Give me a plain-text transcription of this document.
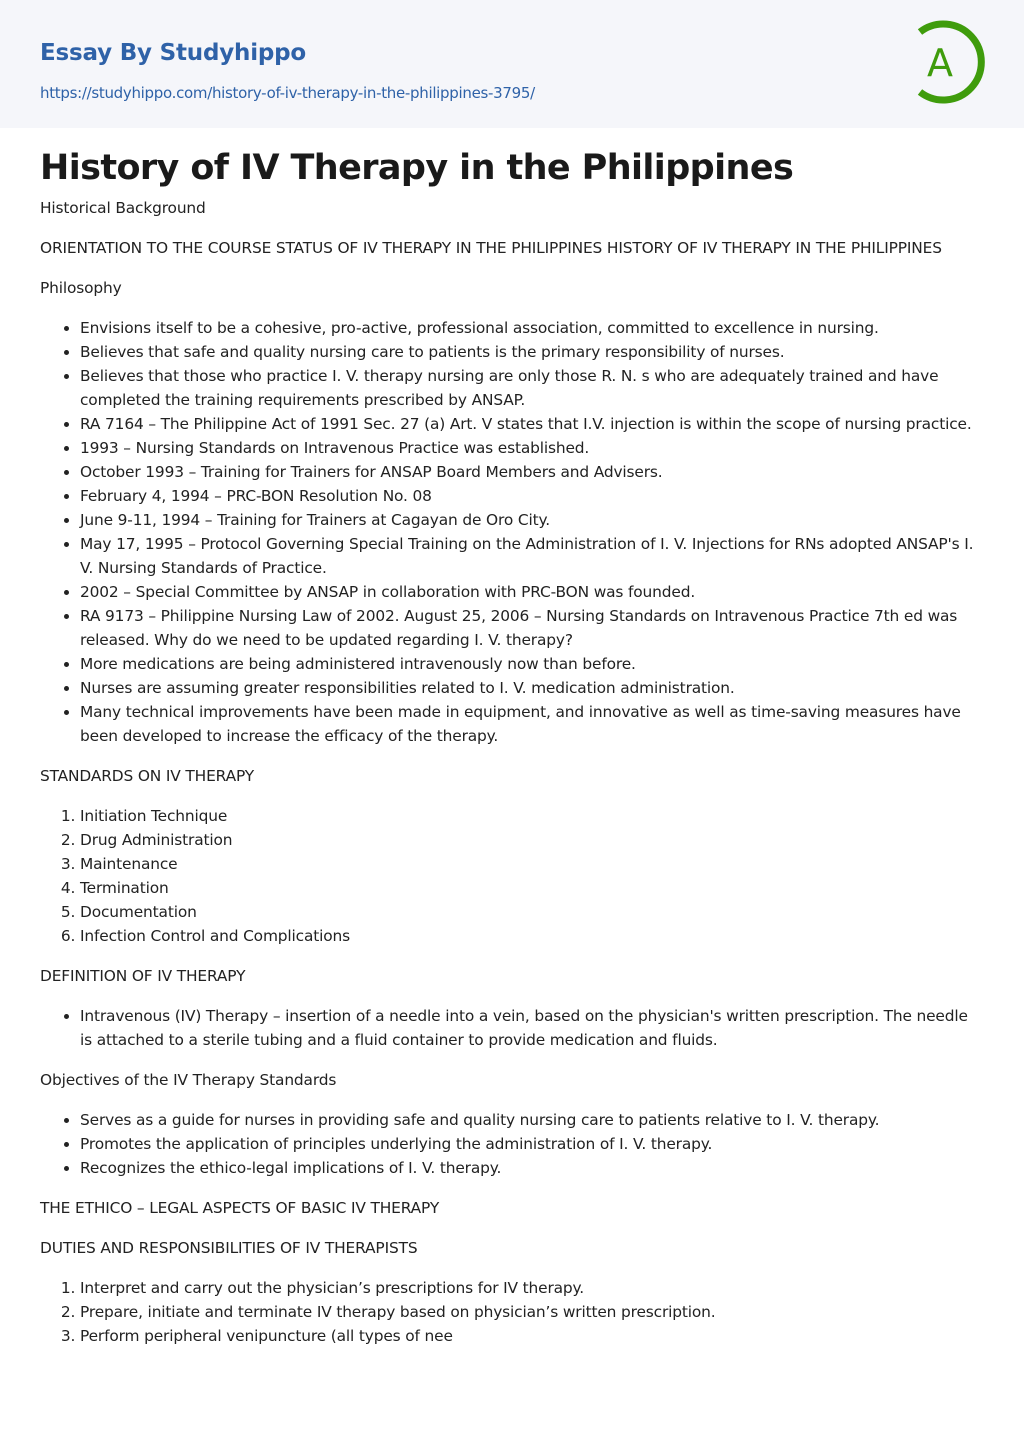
Essay By Studyhippo
https://studyhippo.com/history-of-iv-therapy-in-the-philippines-3795/
A
History of IV Therapy in the Philippines

Historical Background

ORIENTATION TO THE COURSE STATUS OF IV THERAPY IN THE PHILIPPINES HISTORY OF IV THERAPY IN THE PHILIPPINES

Philosophy

• Envisions itself to be a cohesive, pro-active, professional association, committed to excellence in nursing.
• Believes that safe and quality nursing care to patients is the primary responsibility of nurses.
• Believes that those who practice I. V. therapy nursing are only those R. N. s who are adequately trained and have completed the training requirements prescribed by ANSAP.
• RA 7164 – The Philippine Act of 1991 Sec. 27 (a) Art. V states that I.V. injection is within the scope of nursing practice.
• 1993 – Nursing Standards on Intravenous Practice was established.
• October 1993 – Training for Trainers for ANSAP Board Members and Advisers.
• February 4, 1994 – PRC-BON Resolution No. 08
• June 9-11, 1994 – Training for Trainers at Cagayan de Oro City.
• May 17, 1995 – Protocol Governing Special Training on the Administration of I. V. Injections for RNs adopted ANSAP's I. V. Nursing Standards of Practice.
• 2002 – Special Committee by ANSAP in collaboration with PRC-BON was founded.
• RA 9173 – Philippine Nursing Law of 2002. August 25, 2006 – Nursing Standards on Intravenous Practice 7th ed was released. Why do we need to be updated regarding I. V. therapy?
• More medications are being administered intravenously now than before.
• Nurses are assuming greater responsibilities related to I. V. medication administration.
• Many technical improvements have been made in equipment, and innovative as well as time-saving measures have been developed to increase the efficacy of the therapy.

STANDARDS ON IV THERAPY

1. Initiation Technique
2. Drug Administration
3. Maintenance
4. Termination
5. Documentation
6. Infection Control and Complications

DEFINITION OF IV THERAPY

• Intravenous (IV) Therapy – insertion of a needle into a vein, based on the physician's written prescription. The needle is attached to a sterile tubing and a fluid container to provide medication and fluids.

Objectives of the IV Therapy Standards

• Serves as a guide for nurses in providing safe and quality nursing care to patients relative to I. V. therapy.
• Promotes the application of principles underlying the administration of I. V. therapy.
• Recognizes the ethico-legal implications of I. V. therapy.

THE ETHICO – LEGAL ASPECTS OF BASIC IV THERAPY

DUTIES AND RESPONSIBILITIES OF IV THERAPISTS

1. Interpret and carry out the physician’s prescriptions for IV therapy.
2. Prepare, initiate and terminate IV therapy based on physician’s written prescription.
3. Perform peripheral venipuncture (all types of nee
